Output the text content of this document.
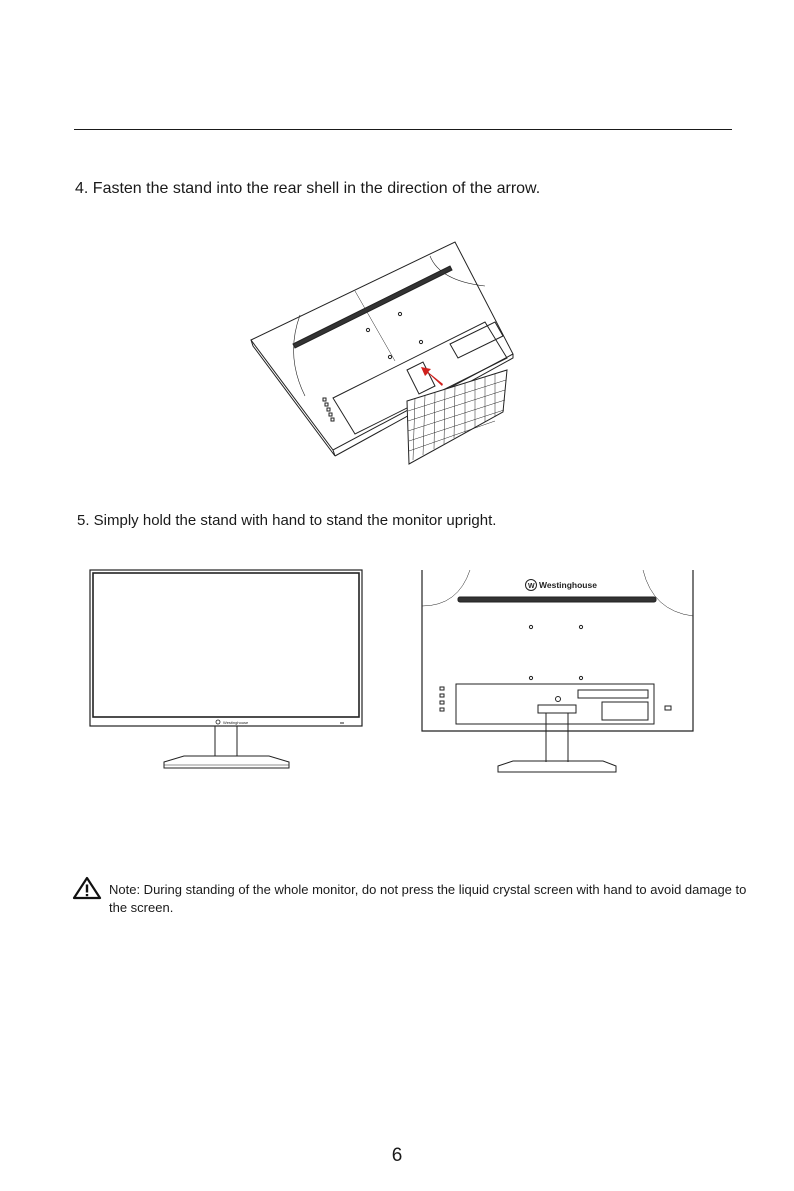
4. Fasten the stand into the rear shell in the direction of the arrow.
5. Simply hold the stand with hand to stand the monitor upright.
Westinghouse
W Westinghouse
Note: During standing of the whole monitor, do not press the liquid crystal screen with hand to avoid damage to the screen.
6
